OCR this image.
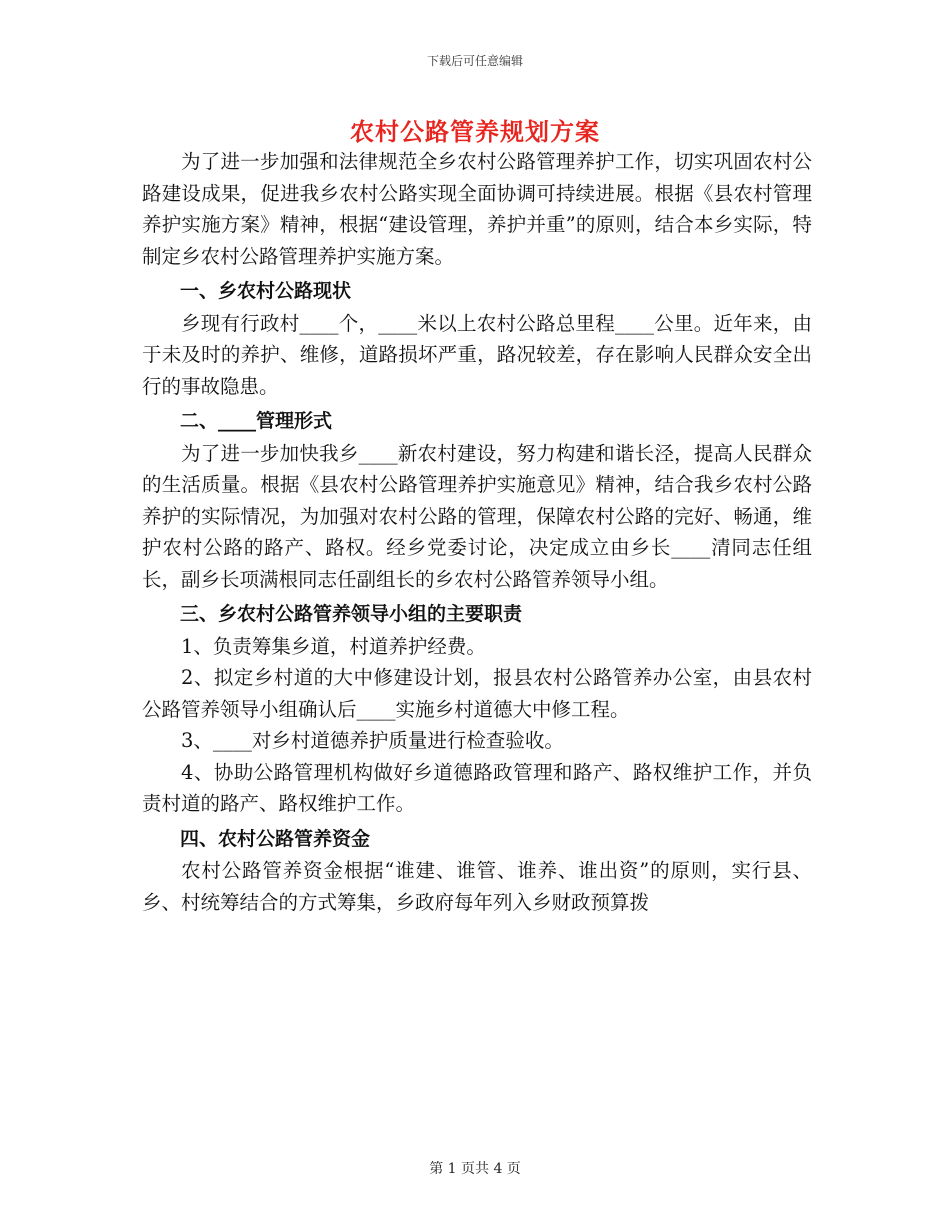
下载后可任意编辑
农村公路管养规划方案

为了进一步加强和法律规范全乡农村公路管理养护工作，切实巩固农村公路建设成果，促进我乡农村公路实现全面协调可持续进展。根据《县农村管理养护实施方案》精神，根据“建设管理，养护并重”的原则，结合本乡实际，特制定乡农村公路管理养护实施方案。

一、乡农村公路现状

乡现有行政村____个，____米以上农村公路总里程____公里。近年来，由于未及时的养护、维修，道路损坏严重，路况较差，存在影响人民群众安全出行的事故隐患。

二、____管理形式

为了进一步加快我乡____新农村建设，努力构建和谐长泾，提高人民群众的生活质量。根据《县农村公路管理养护实施意见》精神，结合我乡农村公路养护的实际情况，为加强对农村公路的管理，保障农村公路的完好、畅通，维护农村公路的路产、路权。经乡党委讨论，决定成立由乡长____清同志任组长，副乡长项满根同志任副组长的乡农村公路管养领导小组。

三、乡农村公路管养领导小组的主要职责

1、负责筹集乡道，村道养护经费。

2、拟定乡村道的大中修建设计划，报县农村公路管养办公室，由县农村公路管养领导小组确认后____实施乡村道德大中修工程。

3、____对乡村道德养护质量进行检查验收。

4、协助公路管理机构做好乡道德路政管理和路产、路权维护工作，并负责村道的路产、路权维护工作。

四、农村公路管养资金

农村公路管养资金根据“谁建、谁管、谁养、谁出资”的原则，实行县、乡、村统筹结合的方式筹集，乡政府每年列入乡财政预算拨

第 1 页共 4 页
